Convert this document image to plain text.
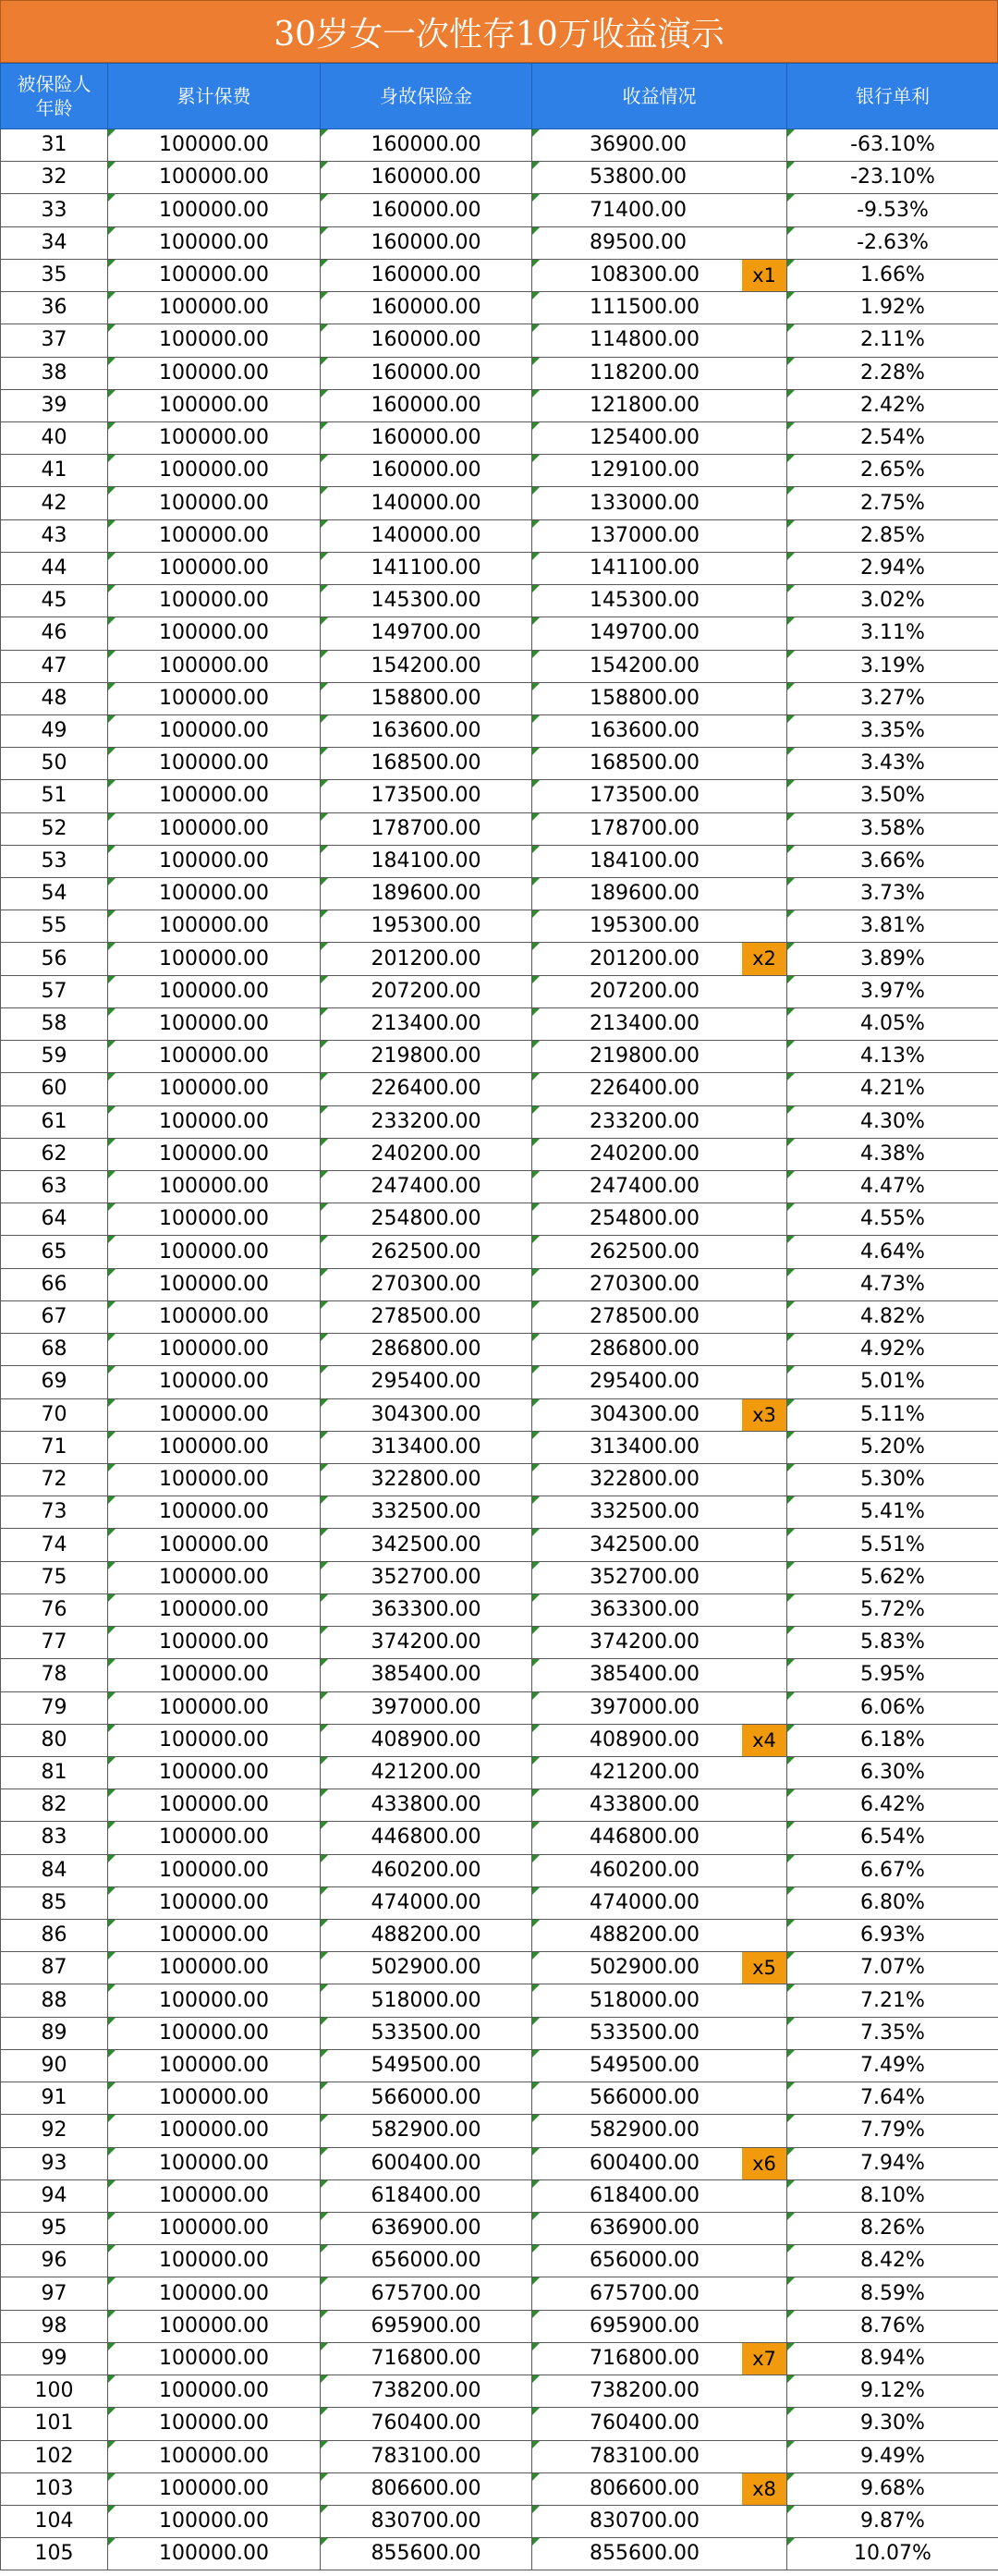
30岁女一次性存10万收益演示
被保险人
年龄	累计保费	身故保险金	收益情况	银行单利
31	100000.00	160000.00	36900.00	-63.10%
32	100000.00	160000.00	53800.00	-23.10%
33	100000.00	160000.00	71400.00	-9.53%
34	100000.00	160000.00	89500.00	-2.63%
35	100000.00	160000.00	108300.00 x1	1.66%
36	100000.00	160000.00	111500.00	1.92%
37	100000.00	160000.00	114800.00	2.11%
38	100000.00	160000.00	118200.00	2.28%
39	100000.00	160000.00	121800.00	2.42%
40	100000.00	160000.00	125400.00	2.54%
41	100000.00	160000.00	129100.00	2.65%
42	100000.00	140000.00	133000.00	2.75%
43	100000.00	140000.00	137000.00	2.85%
44	100000.00	141100.00	141100.00	2.94%
45	100000.00	145300.00	145300.00	3.02%
46	100000.00	149700.00	149700.00	3.11%
47	100000.00	154200.00	154200.00	3.19%
48	100000.00	158800.00	158800.00	3.27%
49	100000.00	163600.00	163600.00	3.35%
50	100000.00	168500.00	168500.00	3.43%
51	100000.00	173500.00	173500.00	3.50%
52	100000.00	178700.00	178700.00	3.58%
53	100000.00	184100.00	184100.00	3.66%
54	100000.00	189600.00	189600.00	3.73%
55	100000.00	195300.00	195300.00	3.81%
56	100000.00	201200.00	201200.00 x2	3.89%
57	100000.00	207200.00	207200.00	3.97%
58	100000.00	213400.00	213400.00	4.05%
59	100000.00	219800.00	219800.00	4.13%
60	100000.00	226400.00	226400.00	4.21%
61	100000.00	233200.00	233200.00	4.30%
62	100000.00	240200.00	240200.00	4.38%
63	100000.00	247400.00	247400.00	4.47%
64	100000.00	254800.00	254800.00	4.55%
65	100000.00	262500.00	262500.00	4.64%
66	100000.00	270300.00	270300.00	4.73%
67	100000.00	278500.00	278500.00	4.82%
68	100000.00	286800.00	286800.00	4.92%
69	100000.00	295400.00	295400.00	5.01%
70	100000.00	304300.00	304300.00 x3	5.11%
71	100000.00	313400.00	313400.00	5.20%
72	100000.00	322800.00	322800.00	5.30%
73	100000.00	332500.00	332500.00	5.41%
74	100000.00	342500.00	342500.00	5.51%
75	100000.00	352700.00	352700.00	5.62%
76	100000.00	363300.00	363300.00	5.72%
77	100000.00	374200.00	374200.00	5.83%
78	100000.00	385400.00	385400.00	5.95%
79	100000.00	397000.00	397000.00	6.06%
80	100000.00	408900.00	408900.00 x4	6.18%
81	100000.00	421200.00	421200.00	6.30%
82	100000.00	433800.00	433800.00	6.42%
83	100000.00	446800.00	446800.00	6.54%
84	100000.00	460200.00	460200.00	6.67%
85	100000.00	474000.00	474000.00	6.80%
86	100000.00	488200.00	488200.00	6.93%
87	100000.00	502900.00	502900.00 x5	7.07%
88	100000.00	518000.00	518000.00	7.21%
89	100000.00	533500.00	533500.00	7.35%
90	100000.00	549500.00	549500.00	7.49%
91	100000.00	566000.00	566000.00	7.64%
92	100000.00	582900.00	582900.00	7.79%
93	100000.00	600400.00	600400.00 x6	7.94%
94	100000.00	618400.00	618400.00	8.10%
95	100000.00	636900.00	636900.00	8.26%
96	100000.00	656000.00	656000.00	8.42%
97	100000.00	675700.00	675700.00	8.59%
98	100000.00	695900.00	695900.00	8.76%
99	100000.00	716800.00	716800.00 x7	8.94%
100	100000.00	738200.00	738200.00	9.12%
101	100000.00	760400.00	760400.00	9.30%
102	100000.00	783100.00	783100.00	9.49%
103	100000.00	806600.00	806600.00 x8	9.68%
104	100000.00	830700.00	830700.00	9.87%
105	100000.00	855600.00	855600.00	10.07%
